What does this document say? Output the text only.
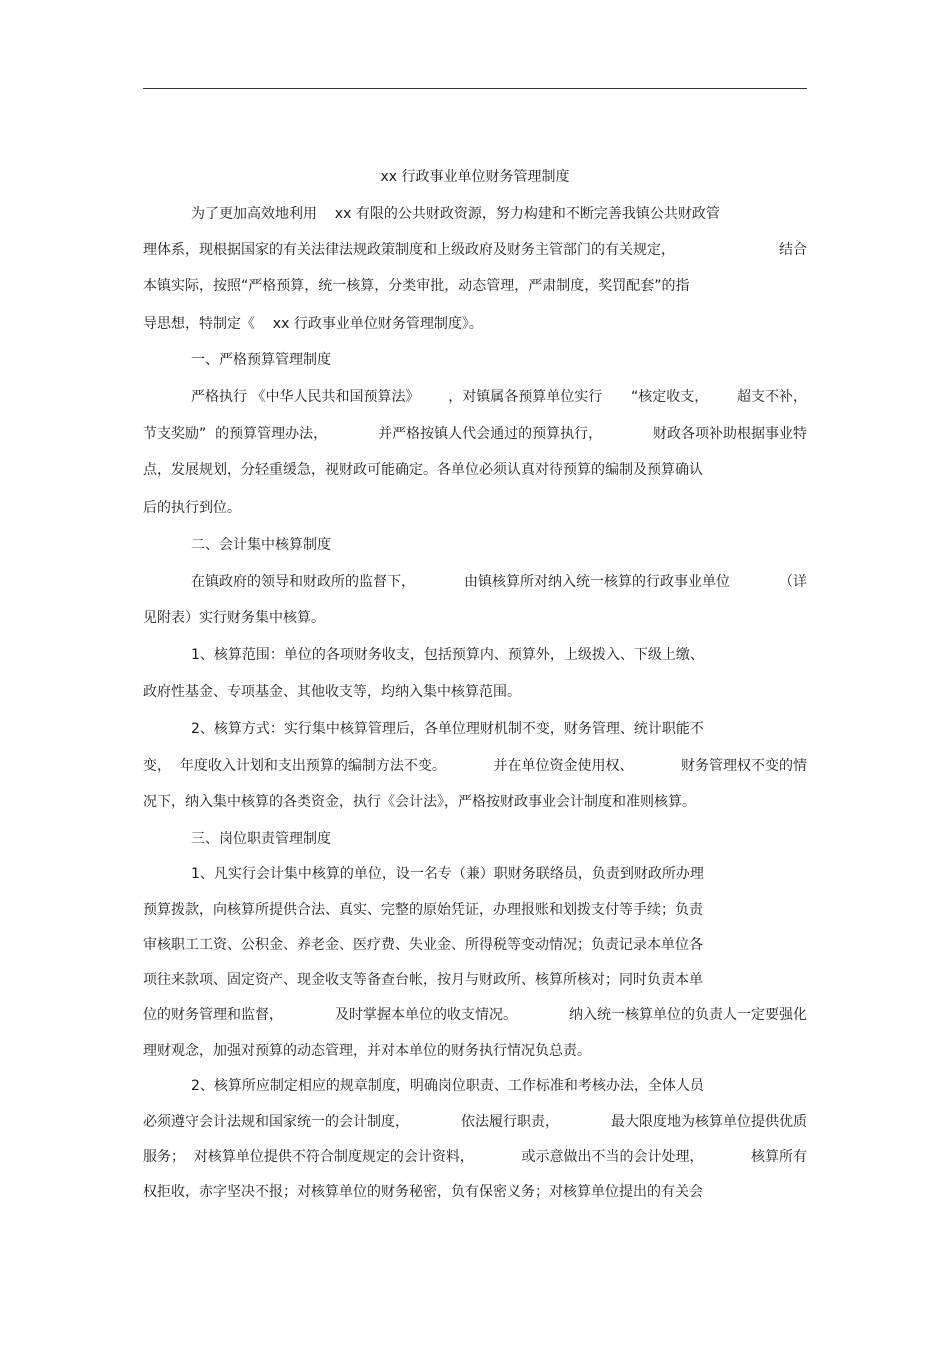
xx 行政事业单位财务管理制度

为了更加高效地利用    xx 有限的公共财政资源，努力构建和不断完善我镇公共财政管

理体系，现根据国家的有关法律法规政策制度和上级政府及财务主管部门的有关规定，	结合

本镇实际，按照“严格预算，统一核算，分类审批，动态管理，严肃制度，奖罚配套”的指

导思想，特制定《    xx 行政事业单位财务管理制度》。

一、严格预算管理制度

严格执行 《中华人民共和国预算法》 ，对镇属各预算单位实行 “核定收支， 超支不补，
节支奖励”  的预算管理办法，	并严格按镇人代会通过的预算执行，	财政各项补助根据事业特

点，发展规划，分轻重缓急，视财政可能确定。各单位必须认真对待预算的编制及预算确认

后的执行到位。

二、会计集中核算制度

在镇政府的领导和财政所的监督下，	由镇核算所对纳入统一核算的行政事业单位	（详

见附表）实行财务集中核算。

1、核算范围：单位的各项财务收支，包括预算内、预算外，上级拨入、下级上缴、

政府性基金、专项基金、其他收支等，均纳入集中核算范围。

2、核算方式：实行集中核算管理后，各单位理财机制不变，财务管理、统计职能不

变，  年度收入计划和支出预算的编制方法不变。	并在单位资金使用权、	财务管理权不变的情

况下，纳入集中核算的各类资金，执行《会计法》，严格按财政事业会计制度和准则核算。

三、岗位职责管理制度

1、凡实行会计集中核算的单位，设一名专（兼）职财务联络员，负责到财政所办理

预算拨款，向核算所提供合法、真实、完整的原始凭证，办理报账和划拨支付等手续；负责

审核职工工资、公积金、养老金、医疗费、失业金、所得税等变动情况；负责记录本单位各

项往来款项、固定资产、现金收支等备查台帐，按月与财政所、核算所核对；同时负责本单

位的财务管理和监督，	及时掌握本单位的收支情况。	纳入统一核算单位的负责人一定要强化

理财观念，加强对预算的动态管理，并对本单位的财务执行情况负总责。

2、核算所应制定相应的规章制度，明确岗位职责、工作标准和考核办法，全体人员

必须遵守会计法规和国家统一的会计制度，	依法履行职责，	最大限度地为核算单位提供优质
服务；  对核算单位提供不符合制度规定的会计资料，	或示意做出不当的会计处理，	核算所有

权拒收，赤字坚决不报；对核算单位的财务秘密，负有保密义务；对核算单位提出的有关会
